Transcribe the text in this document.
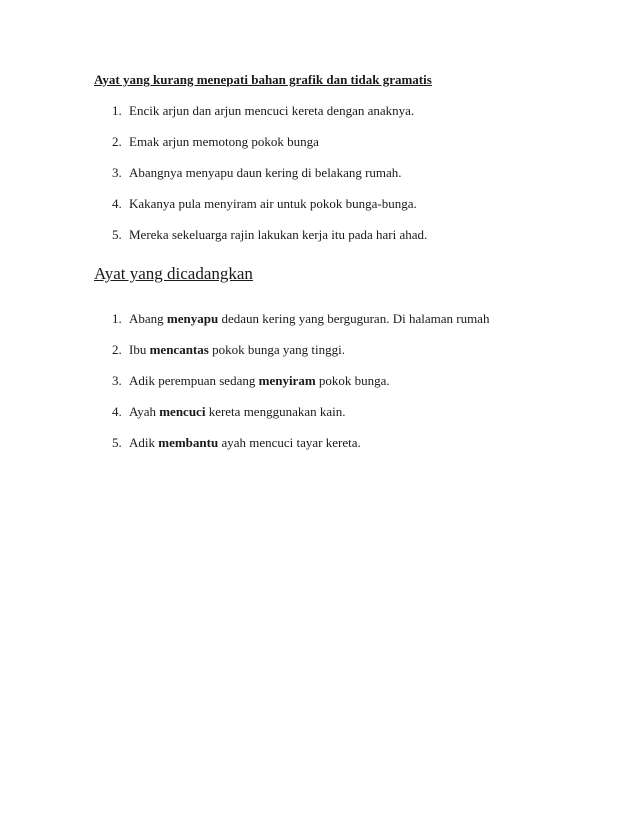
Ayat yang kurang menepati bahan grafik dan tidak gramatis
1. Encik arjun dan arjun mencuci kereta dengan anaknya.
2. Emak arjun memotong pokok bunga
3. Abangnya menyapu daun kering di belakang rumah.
4. Kakanya pula menyiram air untuk pokok bunga-bunga.
5. Mereka sekeluarga rajin lakukan kerja itu pada hari ahad.
Ayat yang dicadangkan
1. Abang menyapu dedaun kering yang berguguran. Di halaman rumah
2. Ibu mencantas pokok bunga yang tinggi.
3. Adik perempuan sedang menyiram pokok bunga.
4. Ayah mencuci kereta menggunakan kain.
5. Adik membantu ayah mencuci tayar kereta.
